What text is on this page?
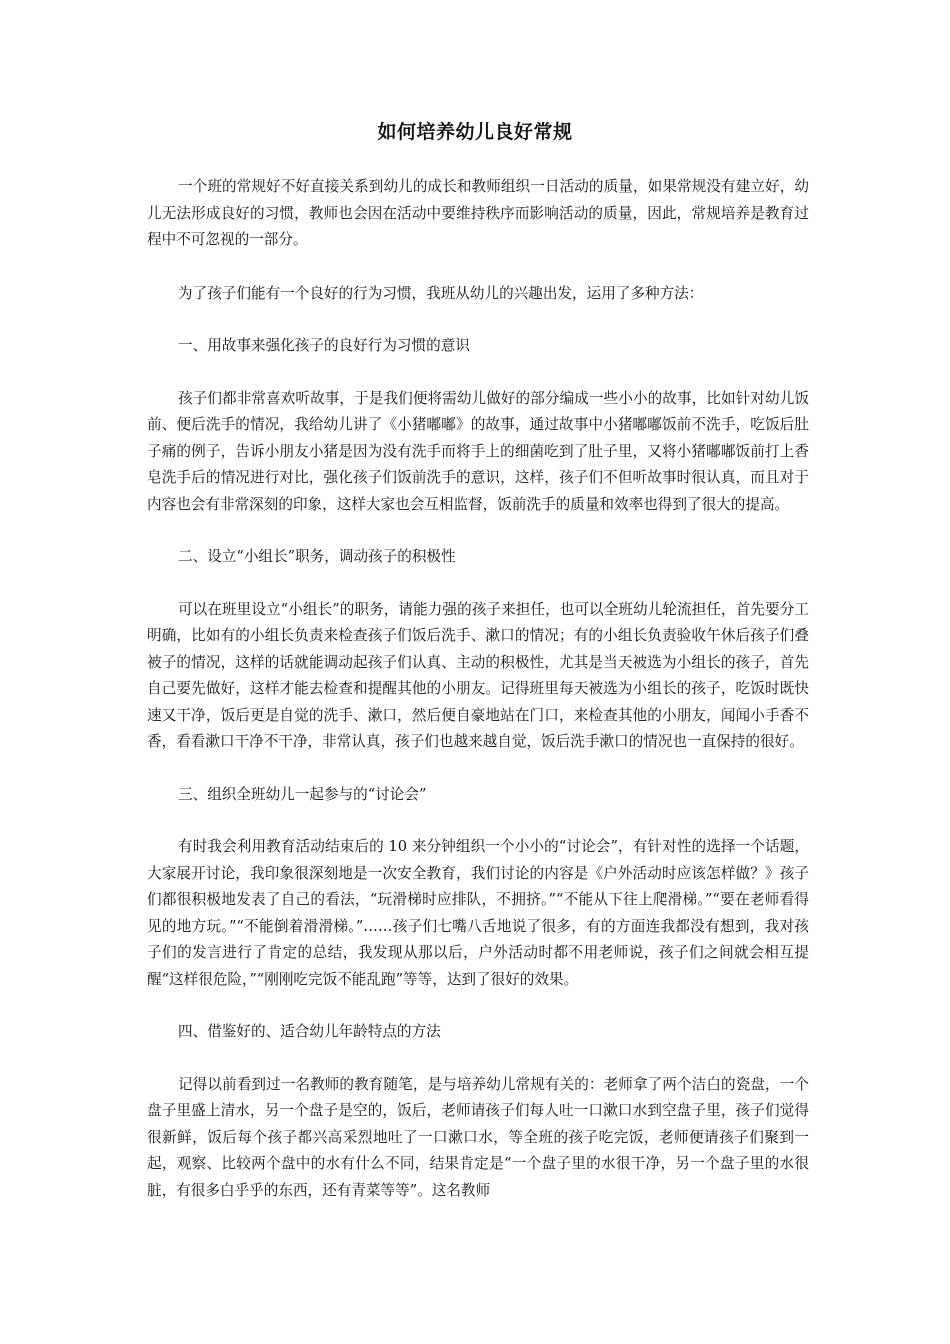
如何培养幼儿良好常规

一个班的常规好不好直接关系到幼儿的成长和教师组织一日活动的质量，如果常规没有建立好，幼儿无法形成良好的习惯，教师也会因在活动中要维持秩序而影响活动的质量，因此，常规培养是教育过程中不可忽视的一部分。

为了孩子们能有一个良好的行为习惯，我班从幼儿的兴趣出发，运用了多种方法：

一、用故事来强化孩子的良好行为习惯的意识

孩子们都非常喜欢听故事，于是我们便将需幼儿做好的部分编成一些小小的故事，比如针对幼儿饭前、便后洗手的情况，我给幼儿讲了《小猪嘟嘟》的故事，通过故事中小猪嘟嘟饭前不洗手，吃饭后肚子痛的例子，告诉小朋友小猪是因为没有洗手而将手上的细菌吃到了肚子里，又将小猪嘟嘟饭前打上香皂洗手后的情况进行对比，强化孩子们饭前洗手的意识，这样，孩子们不但听故事时很认真，而且对于内容也会有非常深刻的印象，这样大家也会互相监督，饭前洗手的质量和效率也得到了很大的提高。

二、设立“小组长”职务，调动孩子的积极性

可以在班里设立“小组长”的职务，请能力强的孩子来担任，也可以全班幼儿轮流担任，首先要分工明确，比如有的小组长负责来检查孩子们饭后洗手、漱口的情况；有的小组长负责验收午休后孩子们叠被子的情况，这样的话就能调动起孩子们认真、主动的积极性，尤其是当天被选为小组长的孩子，首先自己要先做好，这样才能去检查和提醒其他的小朋友。记得班里每天被选为小组长的孩子，吃饭时既快速又干净，饭后更是自觉的洗手、漱口，然后便自豪地站在门口，来检查其他的小朋友，闻闻小手香不香，看看漱口干净不干净，非常认真，孩子们也越来越自觉，饭后洗手漱口的情况也一直保持的很好。

三、组织全班幼儿一起参与的“讨论会”

有时我会利用教育活动结束后的 10 来分钟组织一个小小的“讨论会”，有针对性的选择一个话题，大家展开讨论，我印象很深刻地是一次安全教育，我们讨论的内容是《户外活动时应该怎样做？》孩子们都很积极地发表了自己的看法，“玩滑梯时应排队，不拥挤。”“不能从下往上爬滑梯。”“要在老师看得见的地方玩。”“不能倒着滑滑梯。”……孩子们七嘴八舌地说了很多，有的方面连我都没有想到，我对孩子们的发言进行了肯定的总结，我发现从那以后，户外活动时都不用老师说，孩子们之间就会相互提醒“这样很危险，”“刚刚吃完饭不能乱跑”等等，达到了很好的效果。

四、借鉴好的、适合幼儿年龄特点的方法

记得以前看到过一名教师的教育随笔，是与培养幼儿常规有关的：老师拿了两个洁白的瓷盘，一个盘子里盛上清水，另一个盘子是空的，饭后，老师请孩子们每人吐一口漱口水到空盘子里，孩子们觉得很新鲜，饭后每个孩子都兴高采烈地吐了一口漱口水，等全班的孩子吃完饭，老师便请孩子们聚到一起，观察、比较两个盘中的水有什么不同，结果肯定是“一个盘子里的水很干净，另一个盘子里的水很脏，有很多白乎乎的东西，还有青菜等等”。这名教师
